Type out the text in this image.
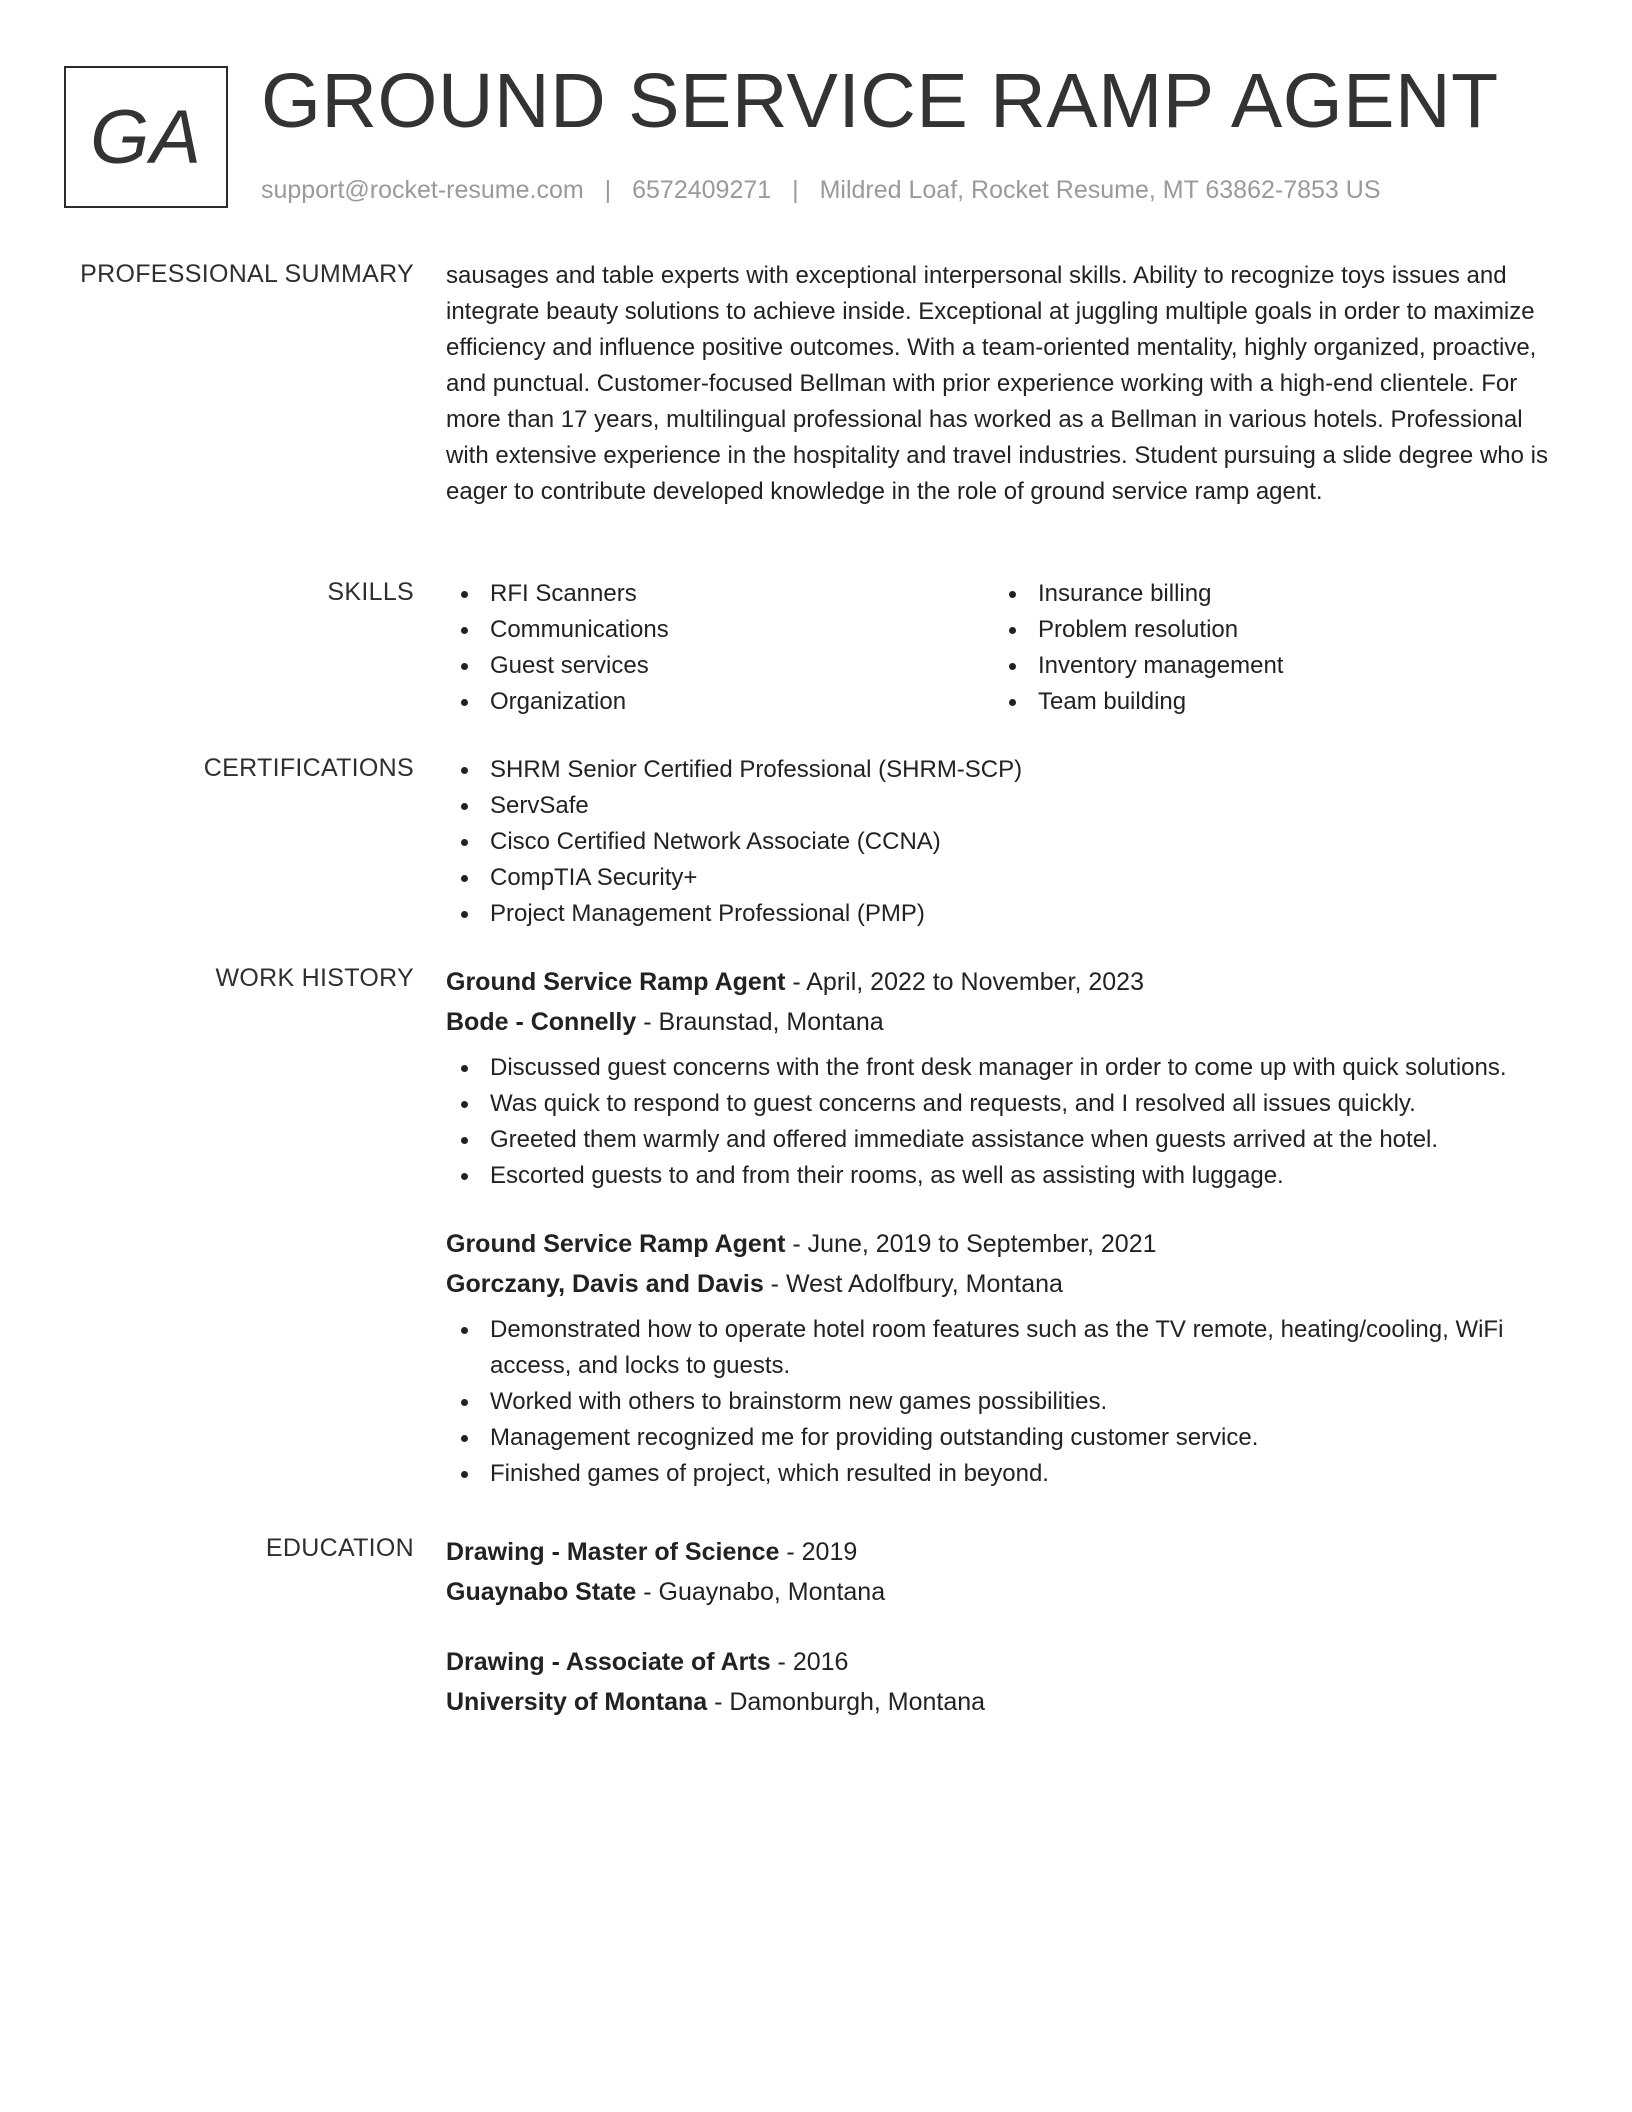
GA GROUND SERVICE RAMP AGENT
support@rocket-resume.com | 6572409271 | Mildred Loaf, Rocket Resume, MT 63862-7853 US
PROFESSIONAL SUMMARY sausages and table experts with exceptional interpersonal skills. Ability to recognize toys issues and integrate beauty solutions to achieve inside. Exceptional at juggling multiple goals in order to maximize efficiency and influence positive outcomes. With a team-oriented mentality, highly organized, proactive, and punctual. Customer-focused Bellman with prior experience working with a high-end clientele. For more than 17 years, multilingual professional has worked as a Bellman in various hotels. Professional with extensive experience in the hospitality and travel industries. Student pursuing a slide degree who is eager to contribute developed knowledge in the role of ground service ramp agent.

SKILLS	RFI Scanners
Communications
Guest services
Organization
Insurance billing
Problem resolution
Inventory management
Team building
CERTIFICATIONS	SHRM Senior Certified Professional (SHRM-SCP)
ServSafe
Cisco Certified Network Associate (CCNA)
CompTIA Security+
Project Management Professional (PMP)
WORK HISTORY Ground Service Ramp Agent - April, 2022 to November, 2023
Bode - Connelly - Braunstad, Montana
Discussed guest concerns with the front desk manager in order to come up with quick solutions.
Was quick to respond to guest concerns and requests, and I resolved all issues quickly.
Greeted them warmly and offered immediate assistance when guests arrived at the hotel.
Escorted guests to and from their rooms, as well as assisting with luggage.
Ground Service Ramp Agent - June, 2019 to September, 2021
Gorczany, Davis and Davis - West Adolfbury, Montana
Demonstrated how to operate hotel room features such as the TV remote, heating/cooling, WiFi access, and locks to guests.
Worked with others to brainstorm new games possibilities.
Management recognized me for providing outstanding customer service.
Finished games of project, which resulted in beyond.
EDUCATION Drawing - Master of Science - 2019
Guaynabo State - Guaynabo, Montana
Drawing - Associate of Arts - 2016
University of Montana - Damonburgh, Montana
